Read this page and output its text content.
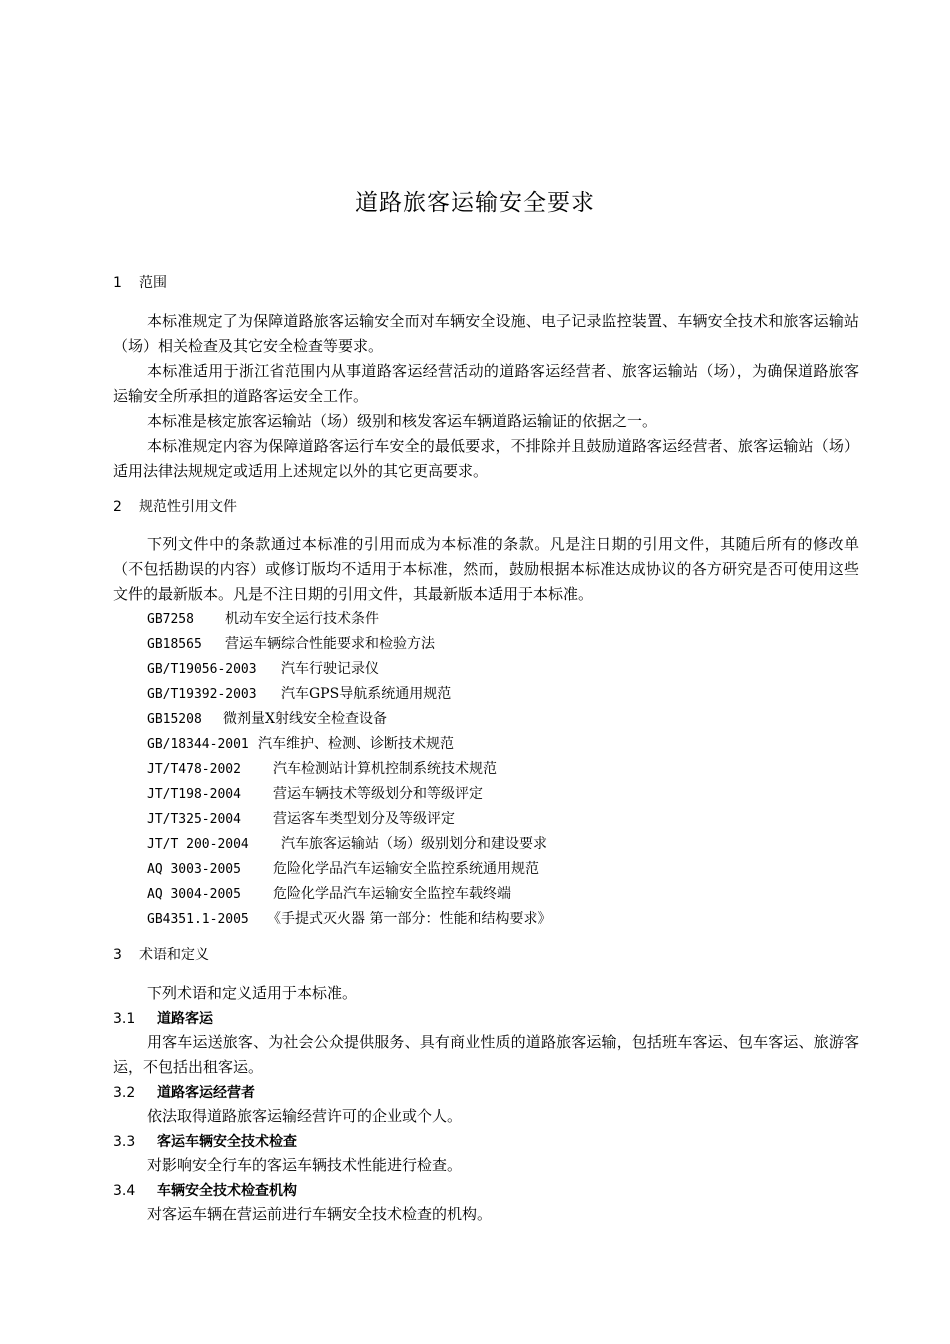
道路旅客运输安全要求
1 范围

本标准规定了为保障道路旅客运输安全而对车辆安全设施、电子记录监控装置、车辆安全技术和旅客运输站（场）相关检查及其它安全检查等要求。

本标准适用于浙江省范围内从事道路客运经营活动的道路客运经营者、旅客运输站（场），为确保道路旅客运输安全所承担的道路客运安全工作。

本标准是核定旅客运输站（场）级别和核发客运车辆道路运输证的依据之一。

本标准规定内容为保障道路客运行车安全的最低要求，不排除并且鼓励道路客运经营者、旅客运输站（场）适用法律法规规定或适用上述规定以外的其它更高要求。

2 规范性引用文件

下列文件中的条款通过本标准的引用而成为本标准的条款。凡是注日期的引用文件，其随后所有的修改单（不包括勘误的内容）或修订版均不适用于本标准，然而，鼓励根据本标准达成协议的各方研究是否可使用这些文件的最新版本。凡是不注日期的引用文件，其最新版本适用于本标准。

GB7258 机动车安全运行技术条件
GB18565 营运车辆综合性能要求和检验方法
GB/T19056-2003 汽车行驶记录仪
GB/T19392-2003 汽车GPS导航系统通用规范
GB15208 微剂量X射线安全检查设备
GB/18344-2001 汽车维护、检测、诊断技术规范
JT/T478-2002 汽车检测站计算机控制系统技术规范
JT/T198-2004 营运车辆技术等级划分和等级评定
JT/T325-2004 营运客车类型划分及等级评定
JT/T 200-2004 汽车旅客运输站（场）级别划分和建设要求
AQ 3003-2005 危险化学品汽车运输安全监控系统通用规范
AQ 3004-2005 危险化学品汽车运输安全监控车载终端
GB4351.1-2005 《手提式灭火器 第一部分：性能和结构要求》
3 术语和定义

下列术语和定义适用于本标准。

3.1 道路客运

用客车运送旅客、为社会公众提供服务、具有商业性质的道路旅客运输，包括班车客运、包车客运、旅游客运，不包括出租客运。

3.2 道路客运经营者

依法取得道路旅客运输经营许可的企业或个人。

3.3 客运车辆安全技术检查

对影响安全行车的客运车辆技术性能进行检查。

3.4 车辆安全技术检查机构

对客运车辆在营运前进行车辆安全技术检查的机构。
